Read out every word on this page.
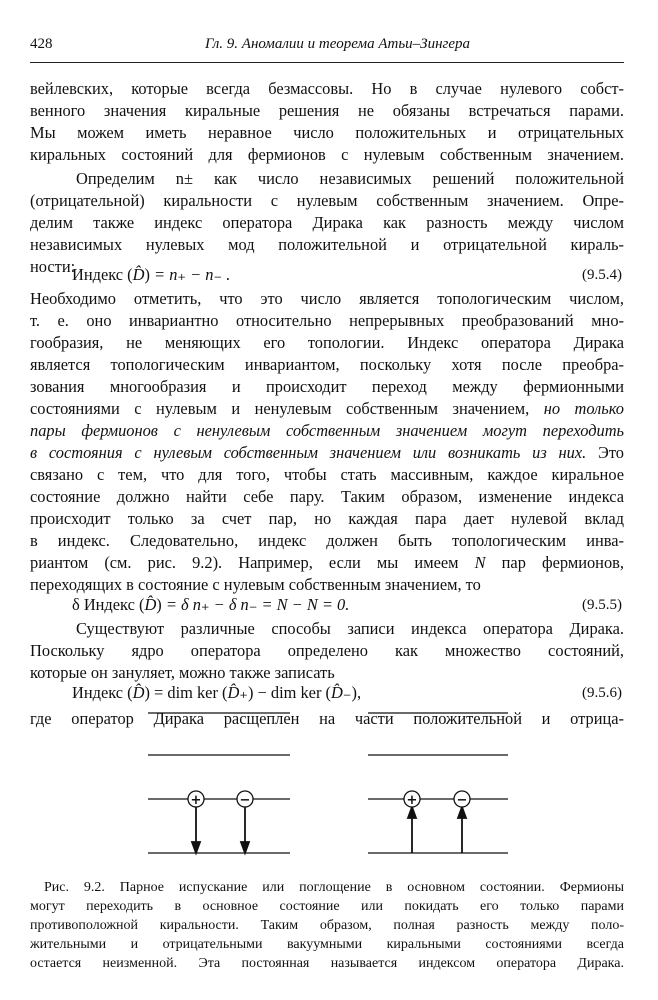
428	Гл. 9. Аномалии и теорема Атьи–Зингера
вейлевских, которые всегда безмассовы. Но в случае нулевого собст-
венного значения киральные решения не обязаны встречаться парами.
Мы можем иметь неравное число положительных и отрицательных
киральных состояний для фермионов с нулевым собственным значением.
Определим n± как число независимых решений положительной
(отрицательной) киральности с нулевым собственным значением. Опре-
делим также индекс оператора Дирака как разность между числом
независимых нулевых мод положительной и отрицательной кираль-
ности:
Индекс (D̂) = n₊ − n₋ .	(9.5.4)
Необходимо отметить, что это число является топологическим числом,
т. е. оно инвариантно относительно непрерывных преобразований мно-
гообразия, не меняющих его топологии. Индекс оператора Дирака
является топологическим инвариантом, поскольку хотя после преобра-
зования многообразия и происходит переход между фермионными
состояниями с нулевым и ненулевым собственным значением, но только
пары фермионов с ненулевым собственным значением могут переходить
в состояния с нулевым собственным значением или возникать из них. Это
связано с тем, что для того, чтобы стать массивным, каждое киральное
состояние должно найти себе пару. Таким образом, изменение индекса
происходит только за счет пар, но каждая пара дает нулевой вклад
в индекс. Следовательно, индекс должен быть топологическим инва-
риантом (см. рис. 9.2). Например, если мы имеем N пар фермионов,
переходящих в состояние с нулевым собственным значением, то
δ Индекс (D̂) = δ n₊ − δ n₋ = N − N = 0.	(9.5.5)
Существуют различные способы записи индекса оператора Дирака.
Поскольку ядро оператора определено как множество состояний,
которые он зануляет, можно также записать
Индекс (D̂) = dim ker (D̂₊) − dim ker (D̂₋),	(9.5.6)
где оператор Дирака расщеплен на части положительной и отрица-
+	−	+	−
Рис. 9.2. Парное испускание или поглощение в основном состоянии. Фермионы
могут переходить в основное состояние или покидать его только парами
противоположной киральности. Таким образом, полная разность между поло-
жительными и отрицательными вакуумными киральными состояниями всегда
остается неизменной. Эта постоянная называется индексом оператора Дирака.
